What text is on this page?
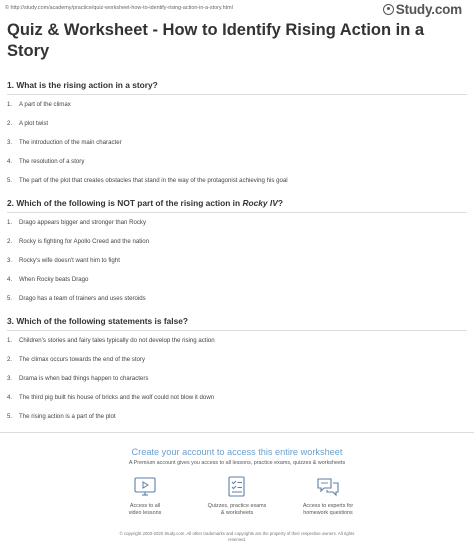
© http://study.com/academy/practice/quiz-worksheet-how-to-identify-rising-action-in-a-story.html	Study.com
Quiz & Worksheet - How to Identify Rising Action in a Story
1. What is the rising action in a story?
1. A part of the climax
2. A plot twist
3. The introduction of the main character
4. The resolution of a story
5. The part of the plot that creates obstacles that stand in the way of the protagonist achieving his goal
2. Which of the following is NOT part of the rising action in Rocky IV?
1. Drago appears bigger and stronger than Rocky
2. Rocky is fighting for Apollo Creed and the nation
3. Rocky's wife doesn't want him to fight
4. When Rocky beats Drago
5. Drago has a team of trainers and uses steroids
3. Which of the following statements is false?
1. Children's stories and fairy tales typically do not develop the rising action
2. The climax occurs towards the end of the story
3. Drama is when bad things happen to characters
4. The third pig built his house of bricks and the wolf could not blow it down
5. The rising action is a part of the plot
Create your account to access this entire worksheet
A Premium account gives you access to all lessons, practice exams, quizzes & worksheets
Access to all
video lessons
Quizzes, practice exams
& worksheets
Access to experts for
homework questions
© copyright 2003-2020 Study.com. All other trademarks and copyrights are the property of their respective owners. All rights
reserved.
